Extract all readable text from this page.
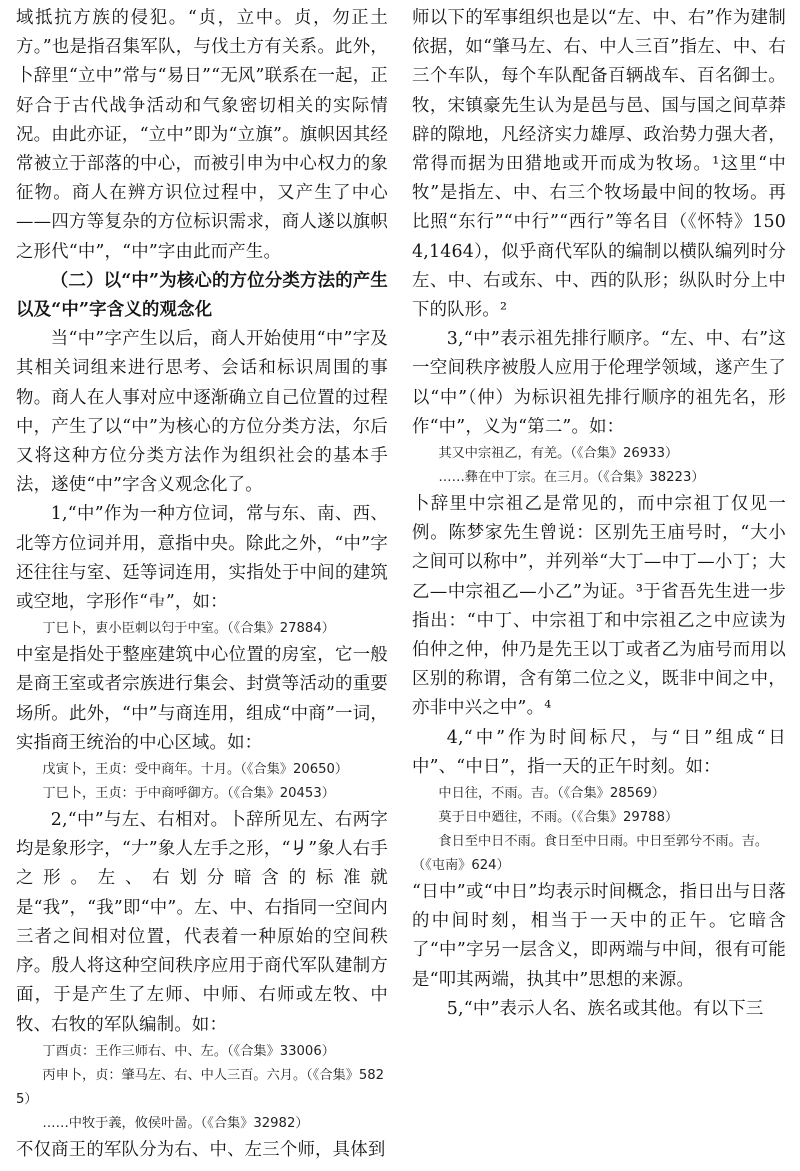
域抵抗方族的侵犯。“贞，立中。贞，勿正土方。”也是指召集军队，与伐土方有关系。此外，卜辞里“立中”常与“易日”“无风”联系在一起，正好合于古代战争活动和气象密切相关的实际情况。由此亦证，“立中”即为“立旗”。旗帜因其经常被立于部落的中心，而被引申为中心权力的象征物。商人在辨方识位过程中，又产生了中心——四方等复杂的方位标识需求，商人遂以旗帜之形代“中”，“中”字由此而产生。

（二）以“中”为核心的方位分类方法的产生以及“中”字含义的观念化

当“中”字产生以后，商人开始使用“中”字及其相关词组来进行思考、会话和标识周围的事物。商人在人事对应中逐渐确立自己位置的过程中，产生了以“中”为核心的方位分类方法，尔后又将这种方位分类方法作为组织社会的基本手法，遂使“中”字含义观念化了。

1,“中”作为一种方位词，常与东、南、西、北等方位词并用，意指中央。除此之外，“中”字还往往与室、廷等词连用，实指处于中间的建筑或空地，字形作“𠁩”，如：

丁巳卜，叀小臣刺以匄于中室。（《合集》27884）

中室是指处于整座建筑中心位置的房室，它一般是商王室或者宗族进行集会、封赏等活动的重要场所。此外，“中”与商连用，组成“中商”一词，实指商王统治的中心区域。如：

戊寅卜，王贞：受中商年。十月。（《合集》20650）

丁巳卜，王贞：于中商呼御方。（《合集》20453）

2,“中”与左、右相对。卜辞所见左、右两字均是象形字，“𠂇”象人左手之形，“𠂈”象人右手之形。左、右划分暗含的标准就是“我”，“我”即“中”。左、中、右指同一空间内三者之间相对位置，代表着一种原始的空间秩序。殷人将这种空间秩序应用于商代军队建制方面，于是产生了左师、中师、右师或左牧、中牧、右牧的军队编制。如：

丁酉贞：王作三师右、中、左。（《合集》33006）

丙申卜，贞：肇马左、右、中人三百。六月。（《合集》5825）

……中牧于義，攸侯叶啚。（《合集》32982）

不仅商王的军队分为右、中、左三个师，具体到

师以下的军事组织也是以“左、中、右”作为建制依据，如“肇马左、右、中人三百”指左、中、右三个车队，每个车队配备百辆战车、百名御士。牧，宋镇豪先生认为是邑与邑、国与国之间草莽辟的隙地，凡经济实力雄厚、政治势力强大者，常得而据为田猎地或开而成为牧场。¹这里“中牧”是指左、中、右三个牧场最中间的牧场。再比照“东行”“中行”“西行”等名目（《怀特》1504,1464），似乎商代军队的编制以横队编列时分左、中、右或东、中、西的队形；纵队时分上中下的队形。²

3,“中”表示祖先排行顺序。“左、中、右”这一空间秩序被殷人应用于伦理学领域，遂产生了以“中”（仲）为标识祖先排行顺序的祖先名，形作“中”，义为“第二”。如：

其又中宗祖乙，有羌。（《合集》26933）

……彝在中丁宗。在三月。（《合集》38223）

卜辞里中宗祖乙是常见的，而中宗祖丁仅见一例。陈梦家先生曾说：区别先王庙号时，“大小之间可以称中”，并列举“大丁—中丁—小丁；大乙—中宗祖乙—小乙”为证。³于省吾先生进一步指出：“中丁、中宗祖丁和中宗祖乙之中应读为伯仲之仲，仲乃是先王以丁或者乙为庙号而用以区别的称谓，含有第二位之义，既非中间之中，亦非中兴之中”。⁴

4,“中”作为时间标尺，与“日”组成“日中”、“中日”，指一天的正午时刻。如：

中日往，不雨。吉。（《合集》28569）

莫于日中廼往，不雨。（《合集》29788）

食日至中日不雨。食日至中日雨。中日至郭兮不雨。吉。（《屯南》624）

“日中”或“中日”均表示时间概念，指日出与日落的中间时刻，相当于一天中的正午。它暗含了“中”字另一层含义，即两端与中间，很有可能是“叩其两端，执其中”思想的来源。

5,“中”表示人名、族名或其他。有以下三
